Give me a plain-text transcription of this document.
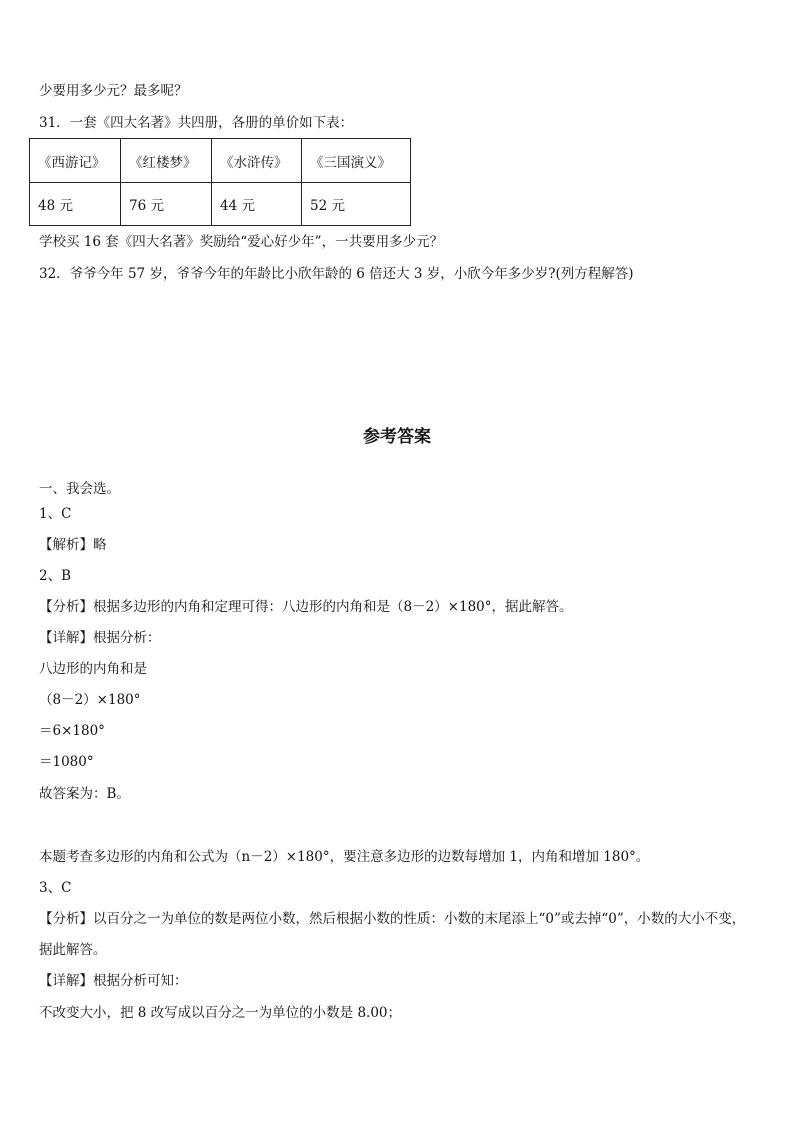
少要用多少元？最多呢？
31．一套《四大名著》共四册，各册的单价如下表：
《西游记》	《红楼梦》	《水浒传》	《三国演义》
48 元	76 元	44 元	52 元
学校买 16 套《四大名著》奖励给“爱心好少年”，一共要用多少元？
32．爷爷今年 57 岁，爷爷今年的年龄比小欣年龄的 6 倍还大 3 岁，小欣今年多少岁?(列方程解答)
参考答案
一、我会选。
1、C
【解析】略
2、B
【分析】根据多边形的内角和定理可得：八边形的内角和是（8－2）×180°，据此解答。
【详解】根据分析：
八边形的内角和是
（8－2）×180°
＝6×180°
＝1080°
故答案为：B。
本题考查多边形的内角和公式为（n－2）×180°，要注意多边形的边数每增加 1，内角和增加 180°。
3、C
【分析】以百分之一为单位的数是两位小数，然后根据小数的性质：小数的末尾添上“0”或去掉“0”，小数的大小不变，
据此解答。
【详解】根据分析可知：
不改变大小，把 8 改写成以百分之一为单位的小数是 8.00；
